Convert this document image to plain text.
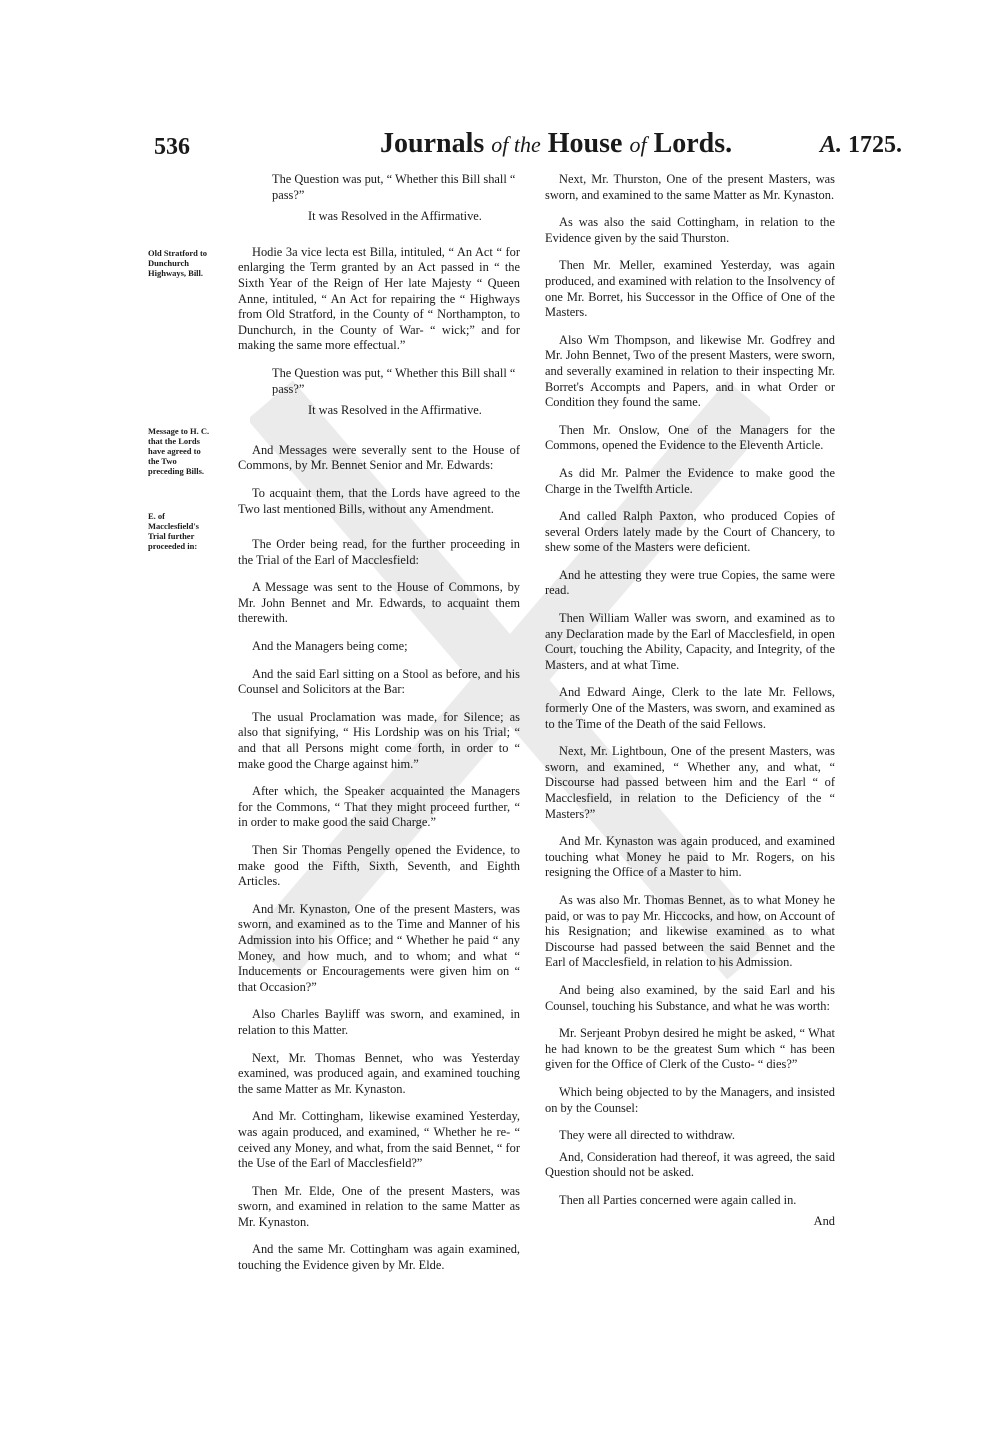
536	Journals of the House of Lords.	A. 1725.
Old Stratford to Dunchurch Highways, Bill.
Message to H. C. that the Lords have agreed to the Two preceding Bills.
E. of Macclesfield's Trial further proceeded in:

The Question was put, “ Whether this Bill shall “ pass?”

It was Resolved in the Affirmative.

Hodie 3a vice lecta est Billa, intituled, “ An Act “ for enlarging the Term granted by an Act passed in “ the Sixth Year of the Reign of Her late Majesty “ Queen Anne, intituled, “ An Act for repairing the “ Highways from Old Stratford, in the County of “ Northampton, to Dunchurch, in the County of War- “ wick;” and for making the same more effectual.”

The Question was put, “ Whether this Bill shall “ pass?”

It was Resolved in the Affirmative.

And Messages were severally sent to the House of Commons, by Mr. Bennet Senior and Mr. Edwards:

To acquaint them, that the Lords have agreed to the Two last mentioned Bills, without any Amendment.

The Order being read, for the further proceeding in the Trial of the Earl of Macclesfield:

A Message was sent to the House of Commons, by Mr. John Bennet and Mr. Edwards, to acquaint them therewith.

And the Managers being come;

And the said Earl sitting on a Stool as before, and his Counsel and Solicitors at the Bar:

The usual Proclamation was made, for Silence; as also that signifying, “ His Lordship was on his Trial; “ and that all Persons might come forth, in order to “ make good the Charge against him.”

After which, the Speaker acquainted the Managers for the Commons, “ That they might proceed further, “ in order to make good the said Charge.”

Then Sir Thomas Pengelly opened the Evidence, to make good the Fifth, Sixth, Seventh, and Eighth Articles.

And Mr. Kynaston, One of the present Masters, was sworn, and examined as to the Time and Manner of his Admission into his Office; and “ Whether he paid “ any Money, and how much, and to whom; and what “ Inducements or Encouragements were given him on “ that Occasion?”

Also Charles Bayliff was sworn, and examined, in relation to this Matter.

Next, Mr. Thomas Bennet, who was Yesterday examined, was produced again, and examined touching the same Matter as Mr. Kynaston.

And Mr. Cottingham, likewise examined Yesterday, was again produced, and examined, “ Whether he re- “ ceived any Money, and what, from the said Bennet, “ for the Use of the Earl of Macclesfield?”

Then Mr. Elde, One of the present Masters, was sworn, and examined in relation to the same Matter as Mr. Kynaston.

And the same Mr. Cottingham was again examined, touching the Evidence given by Mr. Elde.

Next, Mr. Thurston, One of the present Masters, was sworn, and examined to the same Matter as Mr. Kynaston.

As was also the said Cottingham, in relation to the Evidence given by the said Thurston.

Then Mr. Meller, examined Yesterday, was again produced, and examined with relation to the Insolvency of one Mr. Borret, his Successor in the Office of One of the Masters.

Also Wm Thompson, and likewise Mr. Godfrey and Mr. John Bennet, Two of the present Masters, were sworn, and severally examined in relation to their inspecting Mr. Borret's Accompts and Papers, and in what Order or Condition they found the same.

Then Mr. Onslow, One of the Managers for the Commons, opened the Evidence to the Eleventh Article.

As did Mr. Palmer the Evidence to make good the Charge in the Twelfth Article.

And called Ralph Paxton, who produced Copies of several Orders lately made by the Court of Chancery, to shew some of the Masters were deficient.

And he attesting they were true Copies, the same were read.

Then William Waller was sworn, and examined as to any Declaration made by the Earl of Macclesfield, in open Court, touching the Ability, Capacity, and Integrity, of the Masters, and at what Time.

And Edward Ainge, Clerk to the late Mr. Fellows, formerly One of the Masters, was sworn, and examined as to the Time of the Death of the said Fellows.

Next, Mr. Lightboun, One of the present Masters, was sworn, and examined, “ Whether any, and what, “ Discourse had passed between him and the Earl “ of Macclesfield, in relation to the Deficiency of the “ Masters?”

And Mr. Kynaston was again produced, and examined touching what Money he paid to Mr. Rogers, on his resigning the Office of a Master to him.

As was also Mr. Thomas Bennet, as to what Money he paid, or was to pay Mr. Hiccocks, and how, on Account of his Resignation; and likewise examined as to what Discourse had passed between the said Bennet and the Earl of Macclesfield, in relation to his Admission.

And being also examined, by the said Earl and his Counsel, touching his Substance, and what he was worth:

Mr. Serjeant Probyn desired he might be asked, “ What he had known to be the greatest Sum which “ has been given for the Office of Clerk of the Custo- “ dies?”

Which being objected to by the Managers, and insisted on by the Counsel:

They were all directed to withdraw.

And, Consideration had thereof, it was agreed, the said Question should not be asked.

Then all Parties concerned were again called in.

And
